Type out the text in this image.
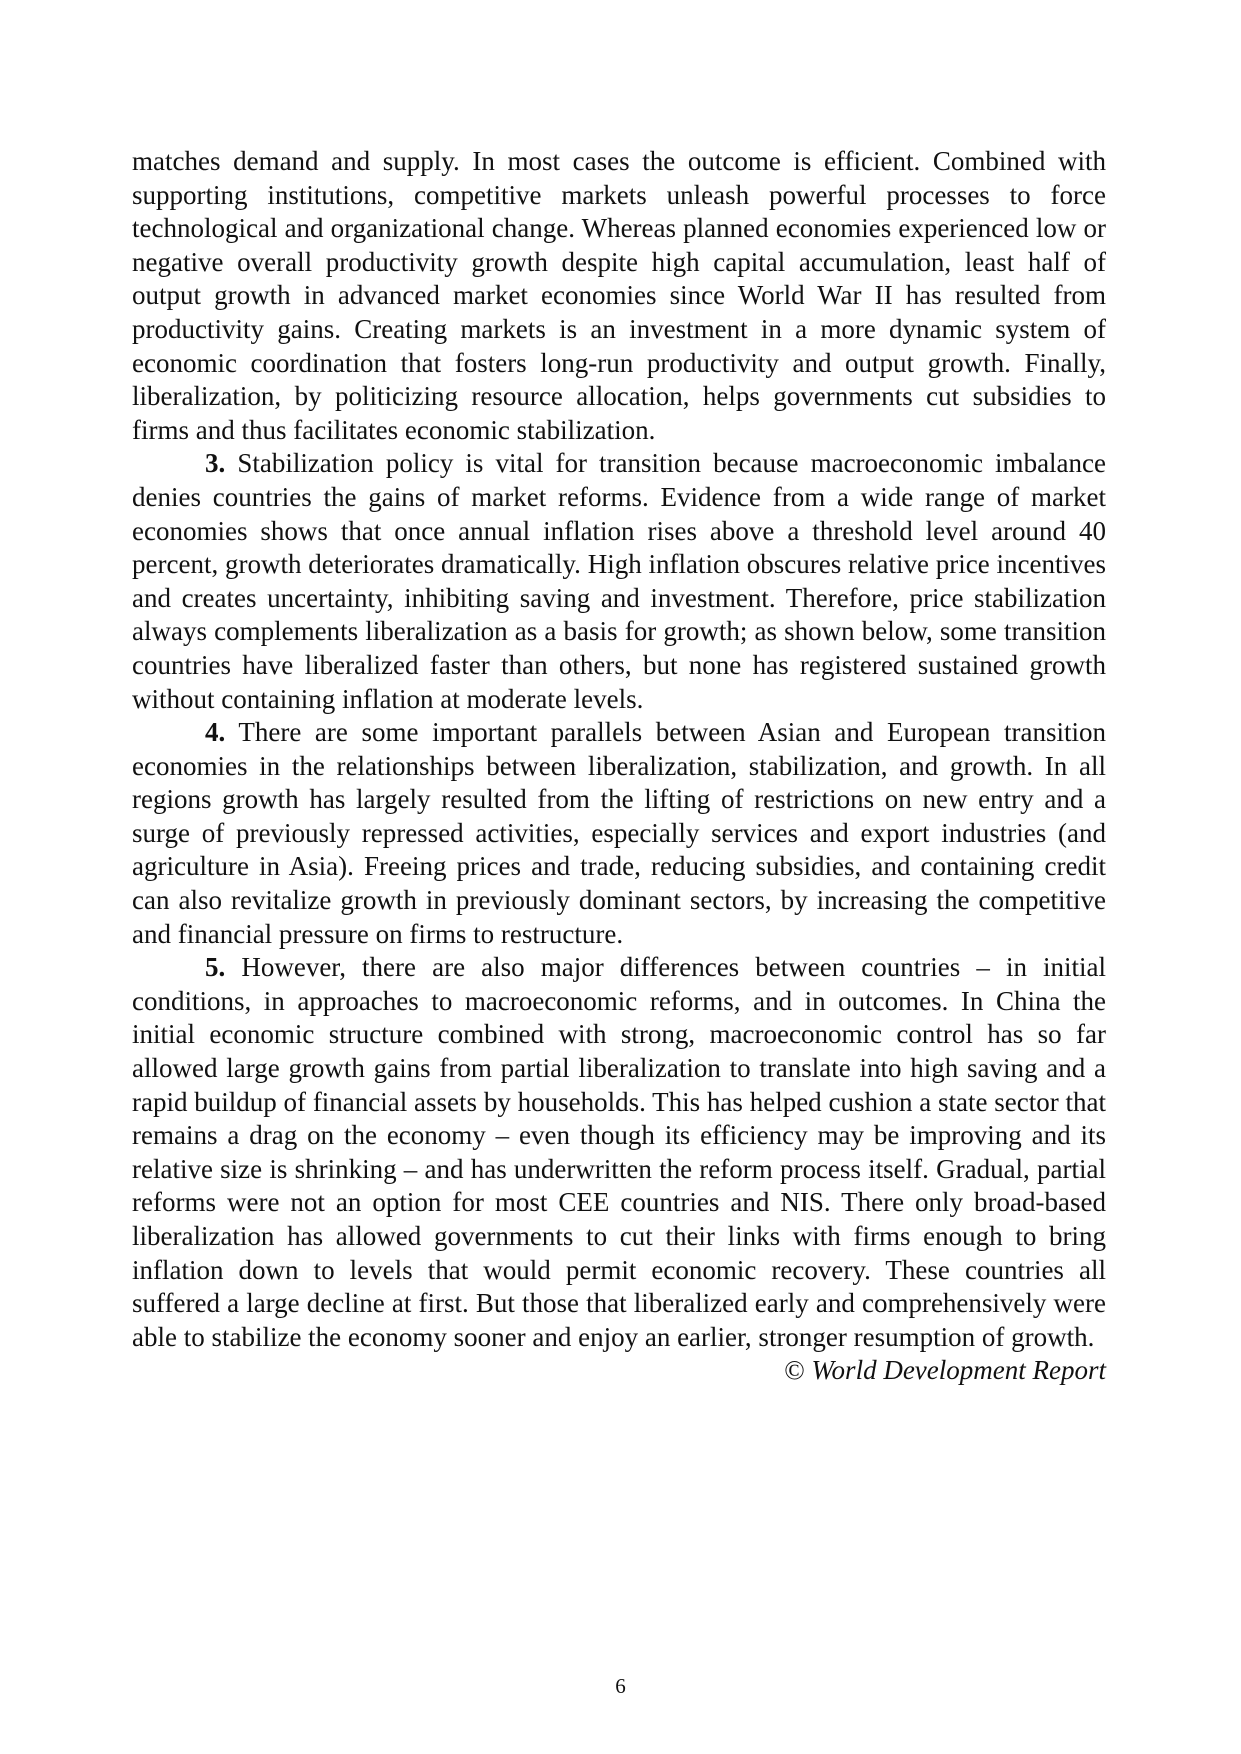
matches demand and supply. In most cases the outcome is efficient. Combined with supporting institutions, competitive markets unleash powerful processes to force technological and organizational change. Whereas planned economies experienced low or negative overall productivity growth despite high capital accumulation, least half of output growth in advanced market economies since World War II has resulted from productivity gains. Creating markets is an investment in a more dynamic system of economic coordination that fosters long-run productivity and output growth. Finally, liberalization, by politicizing resource allocation, helps governments cut subsidies to firms and thus facilitates economic stabilization.

3. Stabilization policy is vital for transition because macroeconomic imbalance denies countries the gains of market reforms. Evidence from a wide range of market economies shows that once annual inflation rises above a threshold level around 40 percent, growth deteriorates dramatically. High inflation obscures relative price incentives and creates uncertainty, inhibiting saving and investment. Therefore, price stabilization always complements liberalization as a basis for growth; as shown below, some transition countries have liberalized faster than others, but none has registered sustained growth without containing inflation at moderate levels.

4. There are some important parallels between Asian and European transition economies in the relationships between liberalization, stabilization, and growth. In all regions growth has largely resulted from the lifting of restrictions on new entry and a surge of previously repressed activities, especially services and export industries (and agriculture in Asia). Freeing prices and trade, reducing subsidies, and containing credit can also revitalize growth in previously dominant sectors, by increasing the competitive and financial pressure on firms to restructure.

5. However, there are also major differences between countries – in initial conditions, in approaches to macroeconomic reforms, and in outcomes. In China the initial economic structure combined with strong, macroeconomic control has so far allowed large growth gains from partial liberalization to translate into high saving and a rapid buildup of financial assets by households. This has helped cushion a state sector that remains a drag on the economy – even though its efficiency may be improving and its relative size is shrinking – and has underwritten the reform process itself. Gradual, partial reforms were not an option for most CEE countries and NIS. There only broad-based liberalization has allowed governments to cut their links with firms enough to bring inflation down to levels that would permit economic recovery. These countries all suffered a large decline at first. But those that liberalized early and comprehensively were able to stabilize the economy sooner and enjoy an earlier, stronger resumption of growth.

© World Development Report

6
